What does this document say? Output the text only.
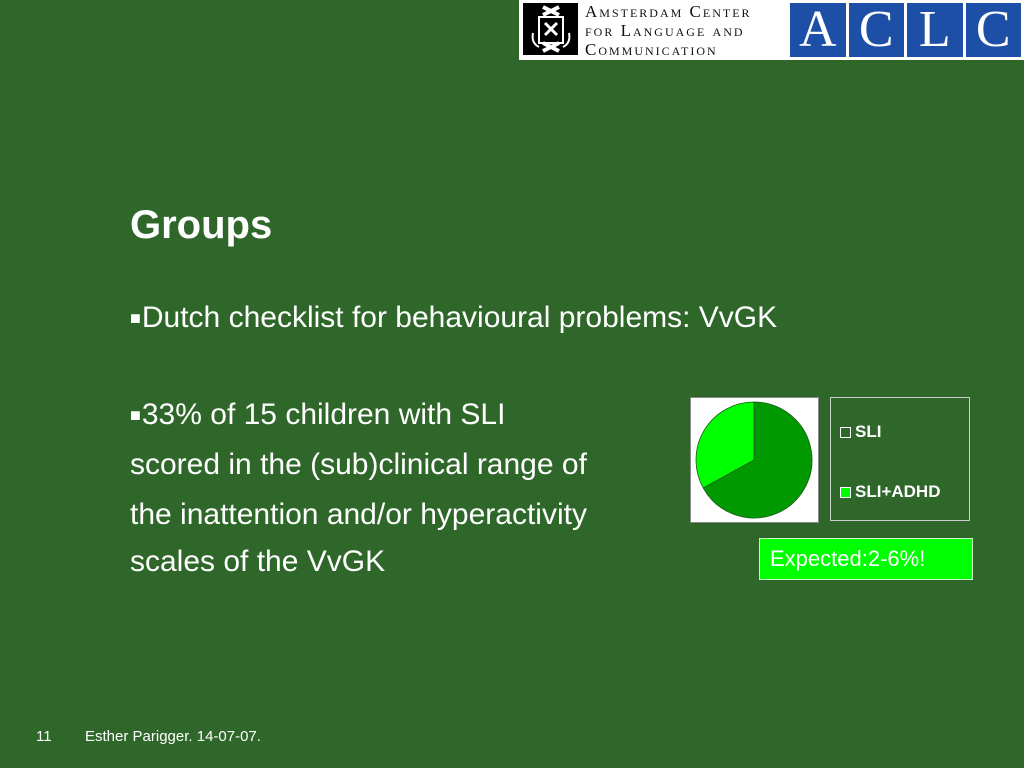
Amsterdam Center
for Language and
Communication	A C L C
Groups

■Dutch checklist for behavioural problems: VvGK

■33% of 15 children with SLI

scored in the (sub)clinical range of

the inattention and/or hyperactivity

scales of the VvGK

SLI
SLI+ADHD
Expected:2-6%!
11 Esther Parigger. 14-07-07.
